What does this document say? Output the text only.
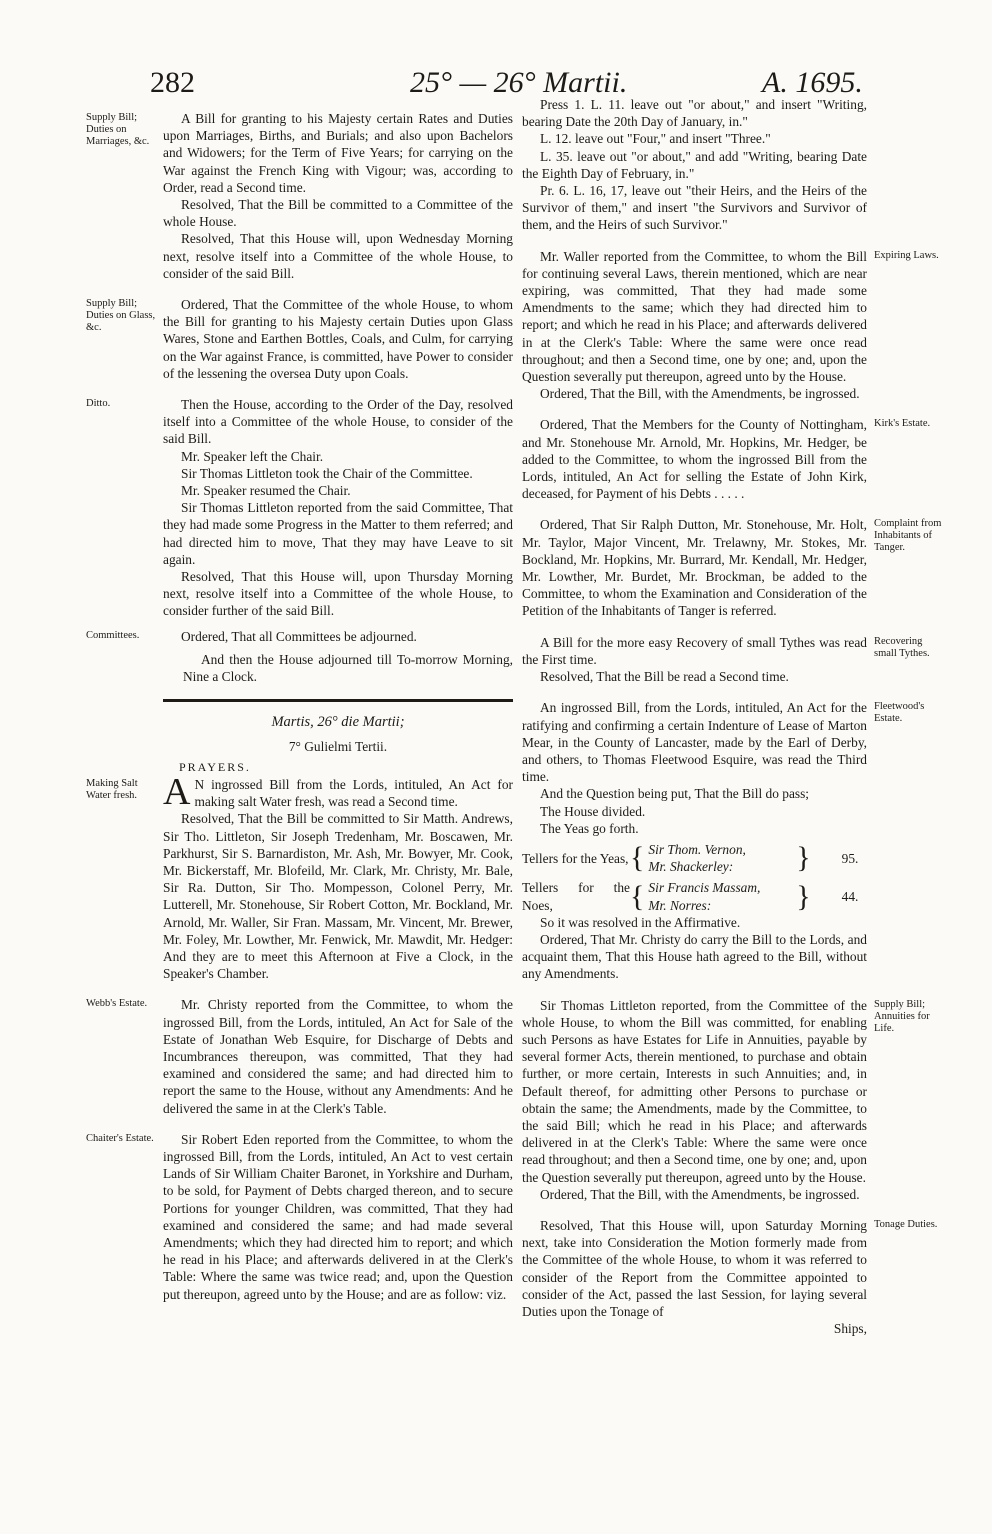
282	25° — 26° Martii.	A. 1695.
Supply Bill; Duties on Marriages, &c.

A Bill for granting to his Majesty certain Rates and Duties upon Marriages, Births, and Burials; and also upon Bachelors and Widowers; for the Term of Five Years; for carrying on the War against the French King with Vigour; was, according to Order, read a Second time.

Resolved, That the Bill be committed to a Committee of the whole House.

Resolved, That this House will, upon Wednesday Morning next, resolve itself into a Committee of the whole House, to consider of the said Bill.

Supply Bill; Duties on Glass, &c.

Ordered, That the Committee of the whole House, to whom the Bill for granting to his Majesty certain Duties upon Glass Wares, Stone and Earthen Bottles, Coals, and Culm, for carrying on the War against France, is committed, have Power to consider of the lessening the oversea Duty upon Coals.

Ditto.	Then the House, according to the Order of the Day, resolved itself into a Committee of the whole House, to consider of the said Bill.

Mr. Speaker left the Chair.

Sir Thomas Littleton took the Chair of the Committee.

Mr. Speaker resumed the Chair.

Sir Thomas Littleton reported from the said Committee, That they had made some Progress in the Matter to them referred; and had directed him to move, That they may have Leave to sit again.

Resolved, That this House will, upon Thursday Morning next, resolve itself into a Committee of the whole House, to consider further of the said Bill.

Committees.	Ordered, That all Committees be adjourned.

And then the House adjourned till To-morrow Morning, Nine a Clock.

Martis, 26° die Martii;

7° Gulielmi Tertii.

PRAYERS.

Making Salt Water fresh. A N ingrossed Bill from the Lords, intituled, An Act for making salt Water fresh, was read a Second time.

Resolved, That the Bill be committed to Sir Matth. Andrews, Sir Tho. Littleton, Sir Joseph Tredenham, Mr. Boscawen, Mr. Parkhurst, Sir S. Barnardiston, Mr. Ash, Mr. Bowyer, Mr. Cook, Mr. Bickerstaff, Mr. Blofeild, Mr. Clark, Mr. Christy, Mr. Bale, Sir Ra. Dutton, Sir Tho. Mompesson, Colonel Perry, Mr. Lutterell, Mr. Stonehouse, Sir Robert Cotton, Mr. Bockland, Mr. Arnold, Mr. Waller, Sir Fran. Massam, Mr. Vincent, Mr. Brewer, Mr. Foley, Mr. Lowther, Mr. Fenwick, Mr. Mawdit, Mr. Hedger: And they are to meet this Afternoon at Five a Clock, in the Speaker's Chamber.

Webb's Estate.	Mr. Christy reported from the Committee, to whom the ingrossed Bill, from the Lords, intituled, An Act for Sale of the Estate of Jonathan Web Esquire, for Discharge of Debts and Incumbrances thereupon, was committed, That they had examined and considered the same; and had directed him to report the same to the House, without any Amendments: And he delivered the same in at the Clerk's Table.

Chaiter's Estate.	Sir Robert Eden reported from the Committee, to whom the ingrossed Bill, from the Lords, intituled, An Act to vest certain Lands of Sir William Chaiter Baronet, in Yorkshire and Durham, to be sold, for Payment of Debts charged thereon, and to secure Portions for younger Children, was committed, That they had examined and considered the same; and had made several Amendments; which they had directed him to report; and which he read in his Place; and afterwards delivered in at the Clerk's Table: Where the same was twice read; and, upon the Question put thereupon, agreed unto by the House; and are as follow: viz.

Press 1. L. 11. leave out "or about," and insert "Writing, bearing Date the 20th Day of January, in."

L. 12. leave out "Four," and insert "Three."

L. 35. leave out "or about," and add "Writing, bearing Date the Eighth Day of February, in."

Pr. 6. L. 16, 17, leave out "their Heirs, and the Heirs of the Survivor of them," and insert "the Survivors and Survivor of them, and the Heirs of such Survivor."

Expiring Laws.

Mr. Waller reported from the Committee, to whom the Bill for continuing several Laws, therein mentioned, which are near expiring, was committed, That they had made some Amendments to the same; which they had directed him to report; and which he read in his Place; and afterwards delivered in at the Clerk's Table: Where the same were once read throughout; and then a Second time, one by one; and, upon the Question severally put thereupon, agreed unto by the House.

Ordered, That the Bill, with the Amendments, be ingrossed.

Kirk's Estate.

Ordered, That the Members for the County of Nottingham, and Mr. Stonehouse Mr. Arnold, Mr. Hopkins, Mr. Hedger, be added to the Committee, to whom the ingrossed Bill from the Lords, intituled, An Act for selling the Estate of John Kirk, deceased, for Payment of his Debts . . . . .

Complaint from Inhabitants of Tanger.

Ordered, That Sir Ralph Dutton, Mr. Stonehouse, Mr. Holt, Mr. Taylor, Major Vincent, Mr. Trelawny, Mr. Stokes, Mr. Bockland, Mr. Hopkins, Mr. Burrard, Mr. Kendall, Mr. Hedger, Mr. Lowther, Mr. Burdet, Mr. Brockman, be added to the Committee, to whom the Examination and Consideration of the Petition of the Inhabitants of Tanger is referred.

Recovering small Tythes.

A Bill for the more easy Recovery of small Tythes was read the First time.

Resolved, That the Bill be read a Second time.

Fleetwood's Estate.

An ingrossed Bill, from the Lords, intituled, An Act for the ratifying and confirming a certain Indenture of Lease of Marton Mear, in the County of Lancaster, made by the Earl of Derby, and others, to Thomas Fleetwood Esquire, was read the Third time.

And the Question being put, That the Bill do pass;

The House divided.

The Yeas go forth.

Tellers for the Yeas, { Sir Thom. Vernon,
Mr. Shackerley:	}	95.
Tellers for the Noes,	{ Sir Francis Massam,
Mr. Norres:	}	44.

So it was resolved in the Affirmative.

Ordered, That Mr. Christy do carry the Bill to the Lords, and acquaint them, That this House hath agreed to the Bill, without any Amendments.

Supply Bill; Annuities for Life.

Sir Thomas Littleton reported, from the Committee of the whole House, to whom the Bill was committed, for enabling such Persons as have Estates for Life in Annuities, payable by several former Acts, therein mentioned, to purchase and obtain further, or more certain, Interests in such Annuities; and, in Default thereof, for admitting other Persons to purchase or obtain the same; the Amendments, made by the Committee, to the said Bill; which he read in his Place; and afterwards delivered in at the Clerk's Table: Where the same were once read throughout; and then a Second time, one by one; and, upon the Question severally put thereupon, agreed unto by the House.

Ordered, That the Bill, with the Amendments, be ingrossed.

Tonage Duties.

Resolved, That this House will, upon Saturday Morning next, take into Consideration the Motion formerly made from the Committee of the whole House, to whom it was referred to consider of the Report from the Committee appointed to consider of the Act, passed the last Session, for laying several Duties upon the Tonage of

Ships,
